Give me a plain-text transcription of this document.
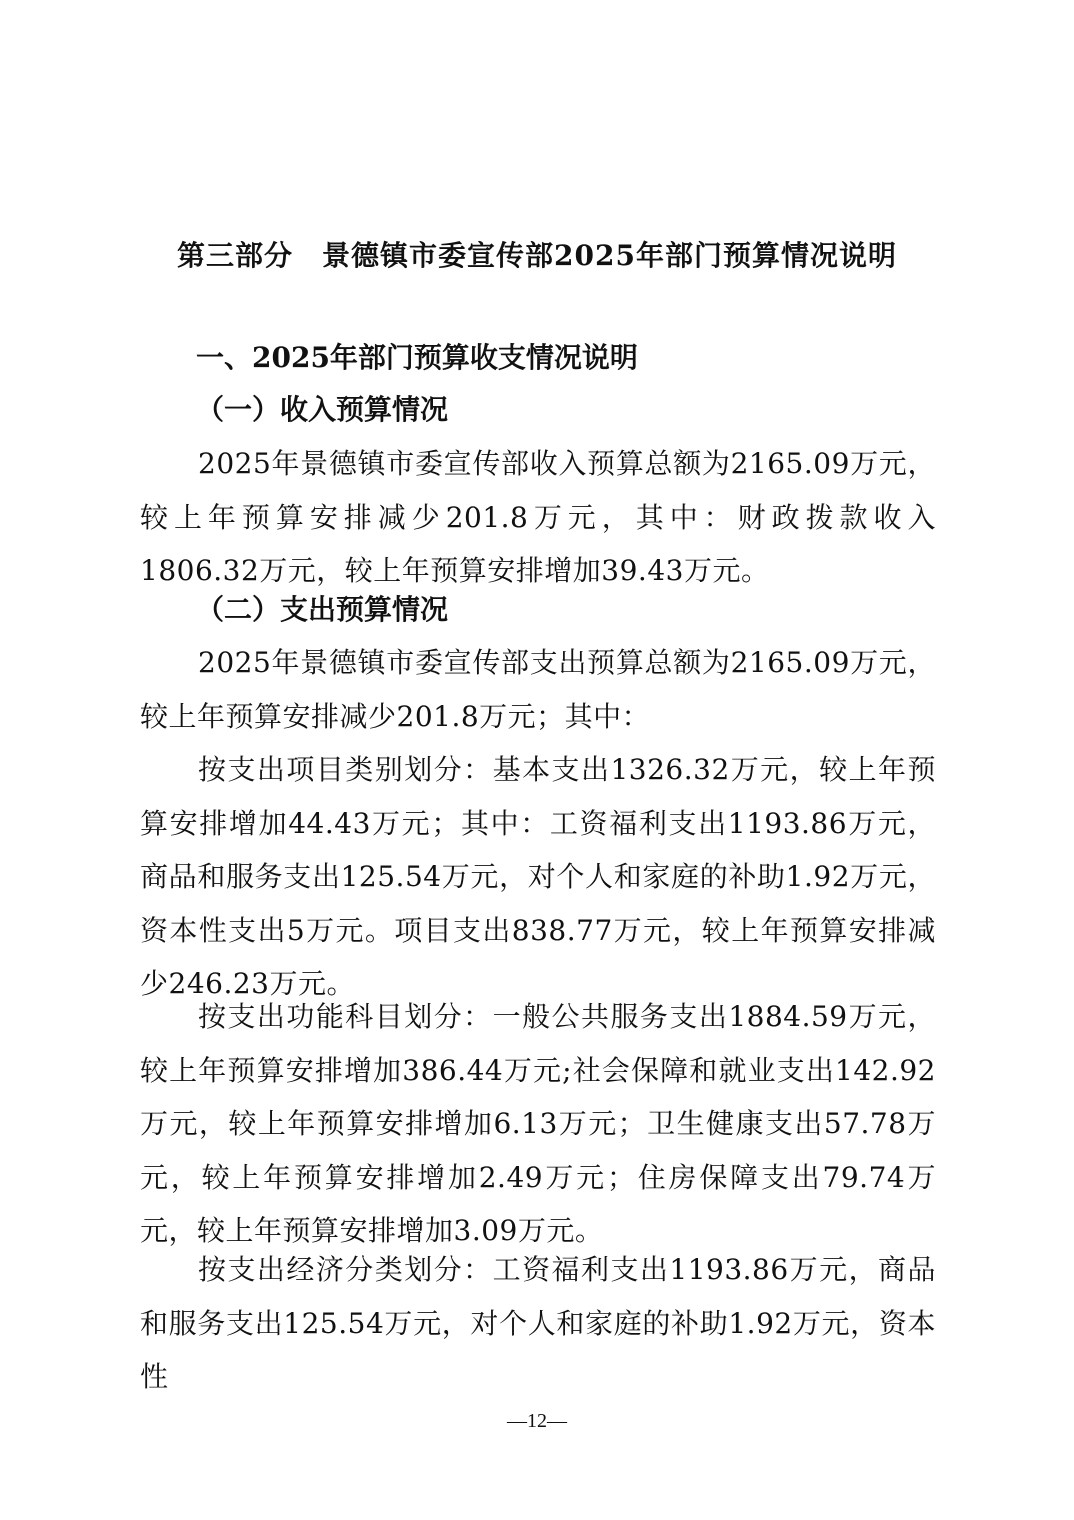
第三部分　景德镇市委宣传部2025年部门预算情况说明
一、2025年部门预算收支情况说明
（一）收入预算情况

2025年景德镇市委宣传部收入预算总额为2165.09万元，较上年预算安排减少201.8万元，其中：财政拨款收入1806.32万元，较上年预算安排增加39.43万元。

（二）支出预算情况

2025年景德镇市委宣传部支出预算总额为2165.09万元，较上年预算安排减少201.8万元；其中：

按支出项目类别划分：基本支出1326.32万元，较上年预算安排增加44.43万元；其中：工资福利支出1193.86万元，商品和服务支出125.54万元，对个人和家庭的补助1.92万元，资本性支出5万元。项目支出838.77万元，较上年预算安排减少246.23万元。

按支出功能科目划分：一般公共服务支出1884.59万元，较上年预算安排增加386.44万元;社会保障和就业支出142.92万元，较上年预算安排增加6.13万元；卫生健康支出57.78万元，较上年预算安排增加2.49万元；住房保障支出79.74万元，较上年预算安排增加3.09万元。

按支出经济分类划分：工资福利支出1193.86万元，商品和服务支出125.54万元，对个人和家庭的补助1.92万元，资本性

—12—
